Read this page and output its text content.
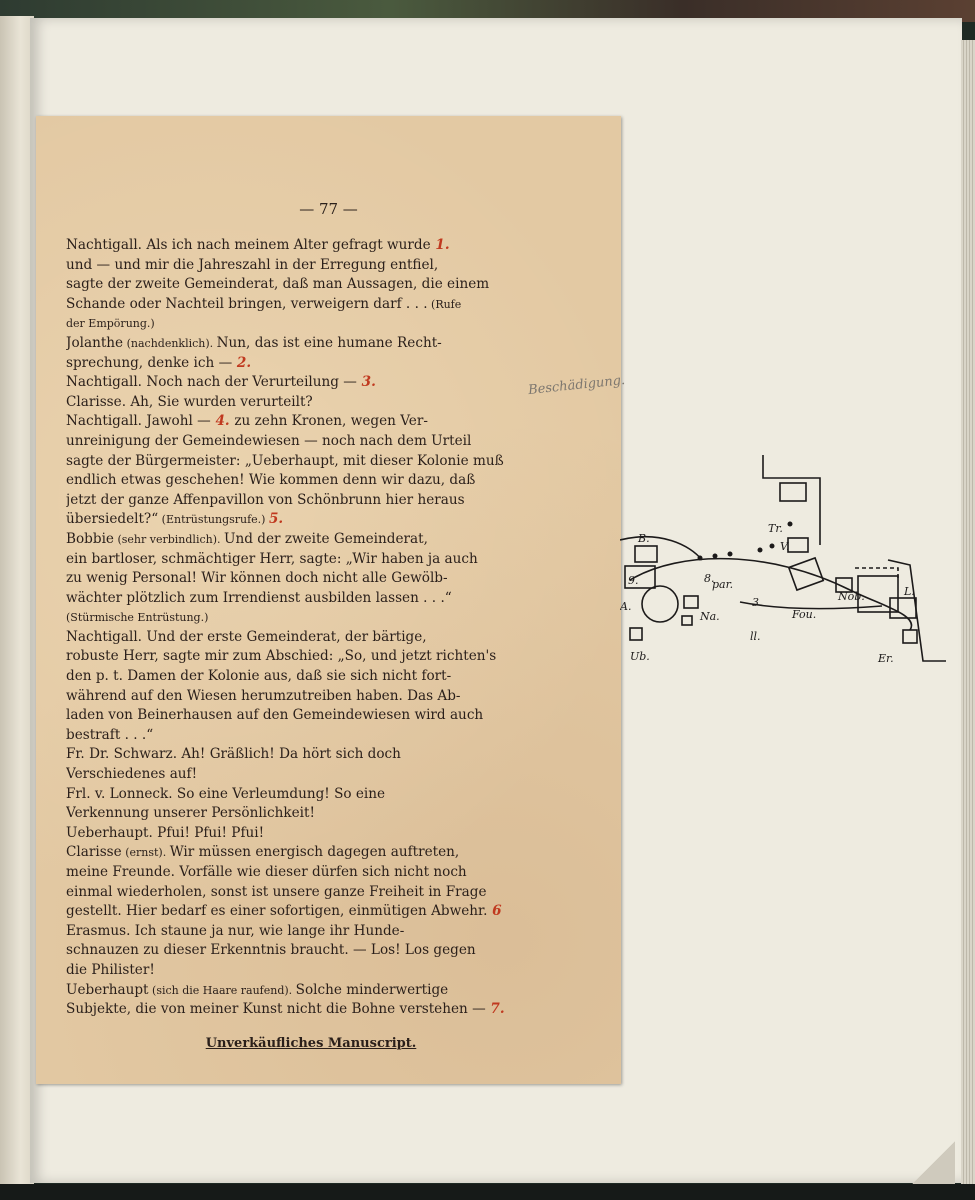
— 77 —
Beschädigung.
Nachtigall. Als ich nach meinem Alter gefragt wurde 1.
und — und mir die Jahreszahl in der Erregung entfiel,
sagte der zweite Gemeinderat, daß man Aussagen, die einem
Schande oder Nachteil bringen, verweigern darf . . . (Rufe
der Empörung.)
Jolanthe (nachdenklich). Nun, das ist eine humane Recht-
sprechung, denke ich — 2.
Nachtigall. Noch nach der Verurteilung — 3.
Clarisse. Ah, Sie wurden verurteilt?
Nachtigall. Jawohl — 4. zu zehn Kronen, wegen Ver-
unreinigung der Gemeindewiesen — noch nach dem Urteil
sagte der Bürgermeister: „Ueberhaupt, mit dieser Kolonie muß
endlich etwas geschehen! Wie kommen denn wir dazu, daß
jetzt der ganze Affenpavillon von Schönbrunn hier heraus
übersiedelt?“ (Entrüstungsrufe.) 5.
Bobbie (sehr verbindlich). Und der zweite Gemeinderat,
ein bartloser, schmächtiger Herr, sagte: „Wir haben ja auch
zu wenig Personal! Wir können doch nicht alle Gewölb-
wächter plötzlich zum Irrendienst ausbilden lassen . . .“
(Stürmische Entrüstung.)
Nachtigall. Und der erste Gemeinderat, der bärtige,
robuste Herr, sagte mir zum Abschied: „So, und jetzt richten's
den p. t. Damen der Kolonie aus, daß sie sich nicht fort-
während auf den Wiesen herumzutreiben haben. Das Ab-
laden von Beinerhausen auf den Gemeindewiesen wird auch
bestraft . . .“
Fr. Dr. Schwarz. Ah! Gräßlich! Da hört sich doch
Verschiedenes auf!
Frl. v. Lonneck. So eine Verleumdung! So eine
Verkennung unserer Persönlichkeit!
Ueberhaupt. Pfui! Pfui! Pfui!
Clarisse (ernst). Wir müssen energisch dagegen auftreten,
meine Freunde. Vorfälle wie dieser dürfen sich nicht noch
einmal wiederholen, sonst ist unsere ganze Freiheit in Frage
gestellt. Hier bedarf es einer sofortigen, einmütigen Abwehr. 6
Erasmus. Ich staune ja nur, wie lange ihr Hunde-
schnauzen zu dieser Erkenntnis braucht. — Los! Los gegen
die Philister!
Ueberhaupt (sich die Haare raufend). Solche minderwertige
Subjekte, die von meiner Kunst nicht die Bohne verstehen — 7.
Unverkäufliches Manuscript.
B.
9.
A.
Tr.
V.
8.
par.
Na.
Ub.
3.
Fou.
ll.
Nob.
Er.
L.
